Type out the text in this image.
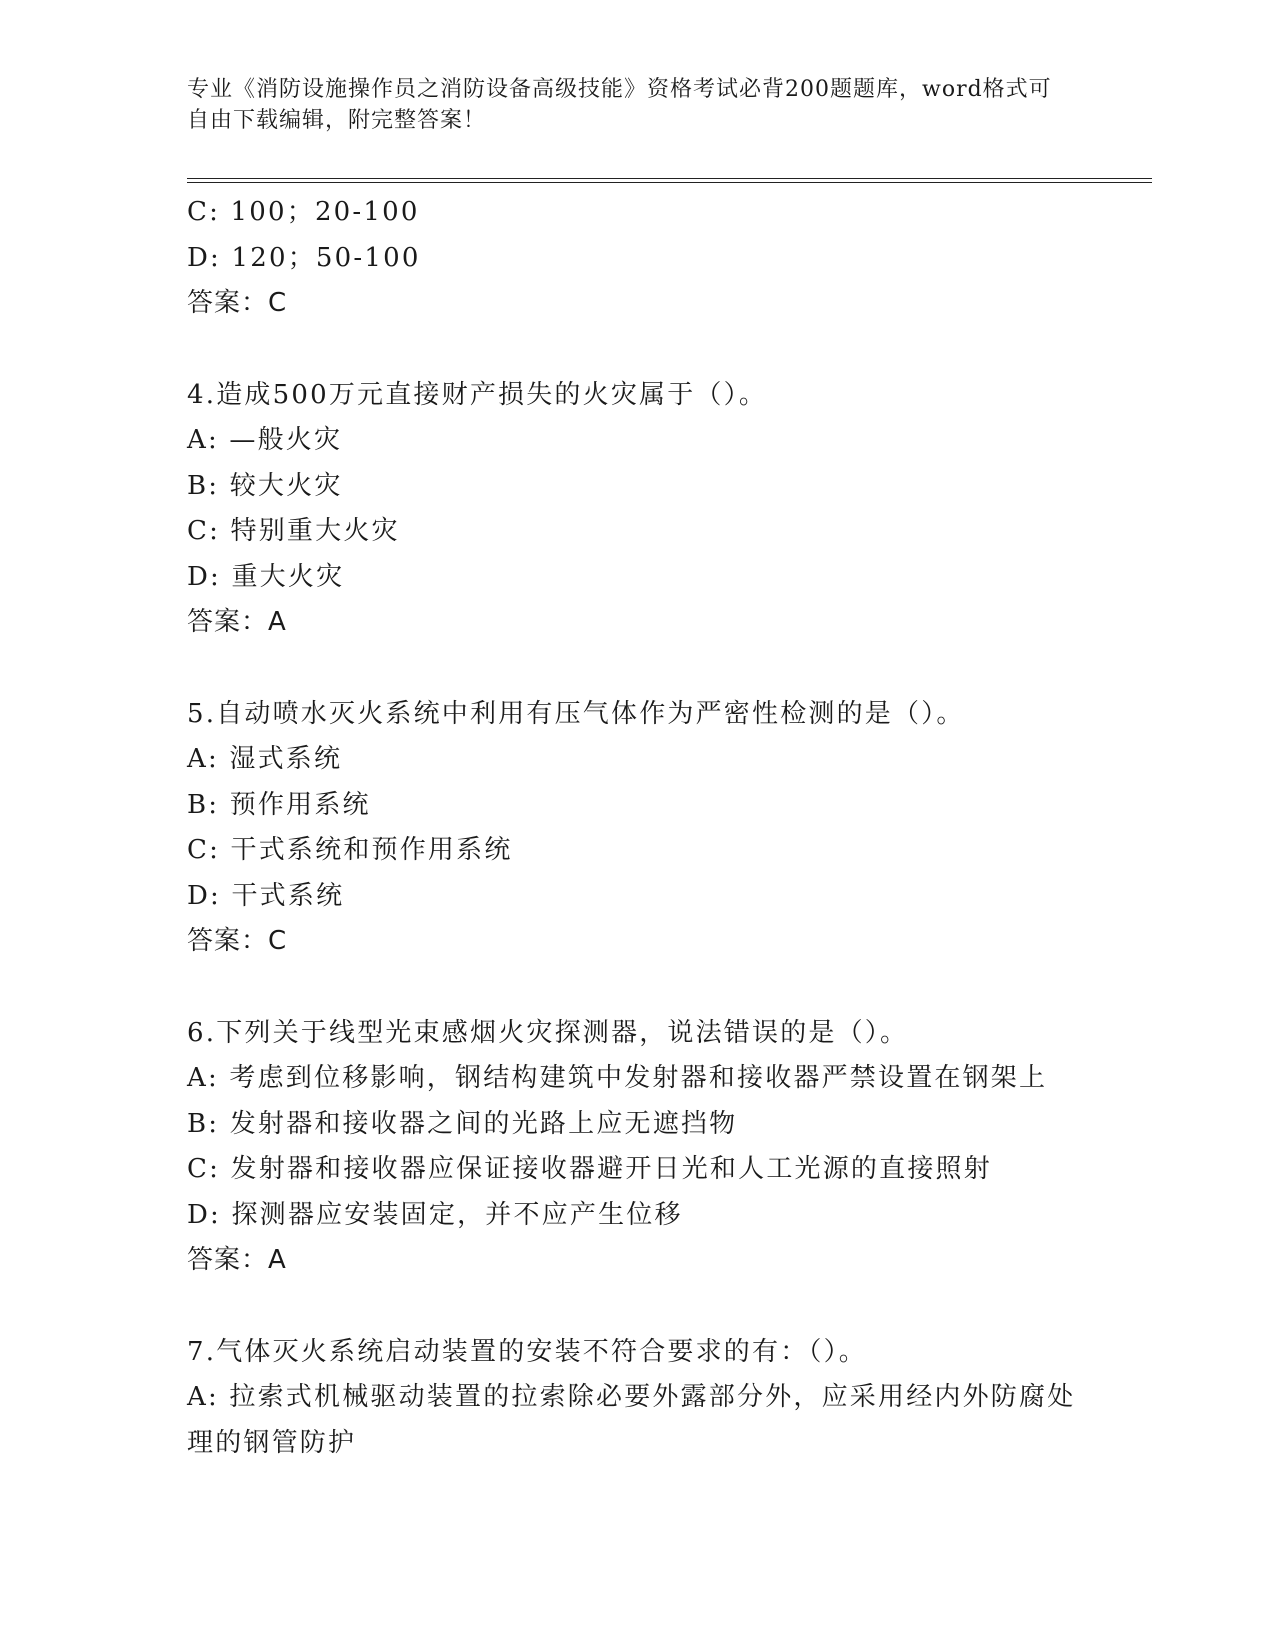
专业《消防设施操作员之消防设备高级技能》资格考试必背200题题库，word格式可自由下载编辑，附完整答案！
C: 100；20-100
D: 120；50-100
答案：C
4.造成500万元直接财产损失的火灾属于（）。
A: —般火灾
B: 较大火灾
C: 特别重大火灾
D: 重大火灾
答案：A
5.自动喷水灭火系统中利用有压气体作为严密性检测的是（）。
A: 湿式系统
B: 预作用系统
C: 干式系统和预作用系统
D: 干式系统
答案：C
6.下列关于线型光束感烟火灾探测器，说法错误的是（）。
A: 考虑到位移影响，钢结构建筑中发射器和接收器严禁设置在钢架上
B: 发射器和接收器之间的光路上应无遮挡物
C: 发射器和接收器应保证接收器避开日光和人工光源的直接照射
D: 探测器应安装固定，并不应产生位移
答案：A
7.气体灭火系统启动装置的安装不符合要求的有：（）。
A: 拉索式机械驱动装置的拉索除必要外露部分外，应采用经内外防腐处理的钢管防护
